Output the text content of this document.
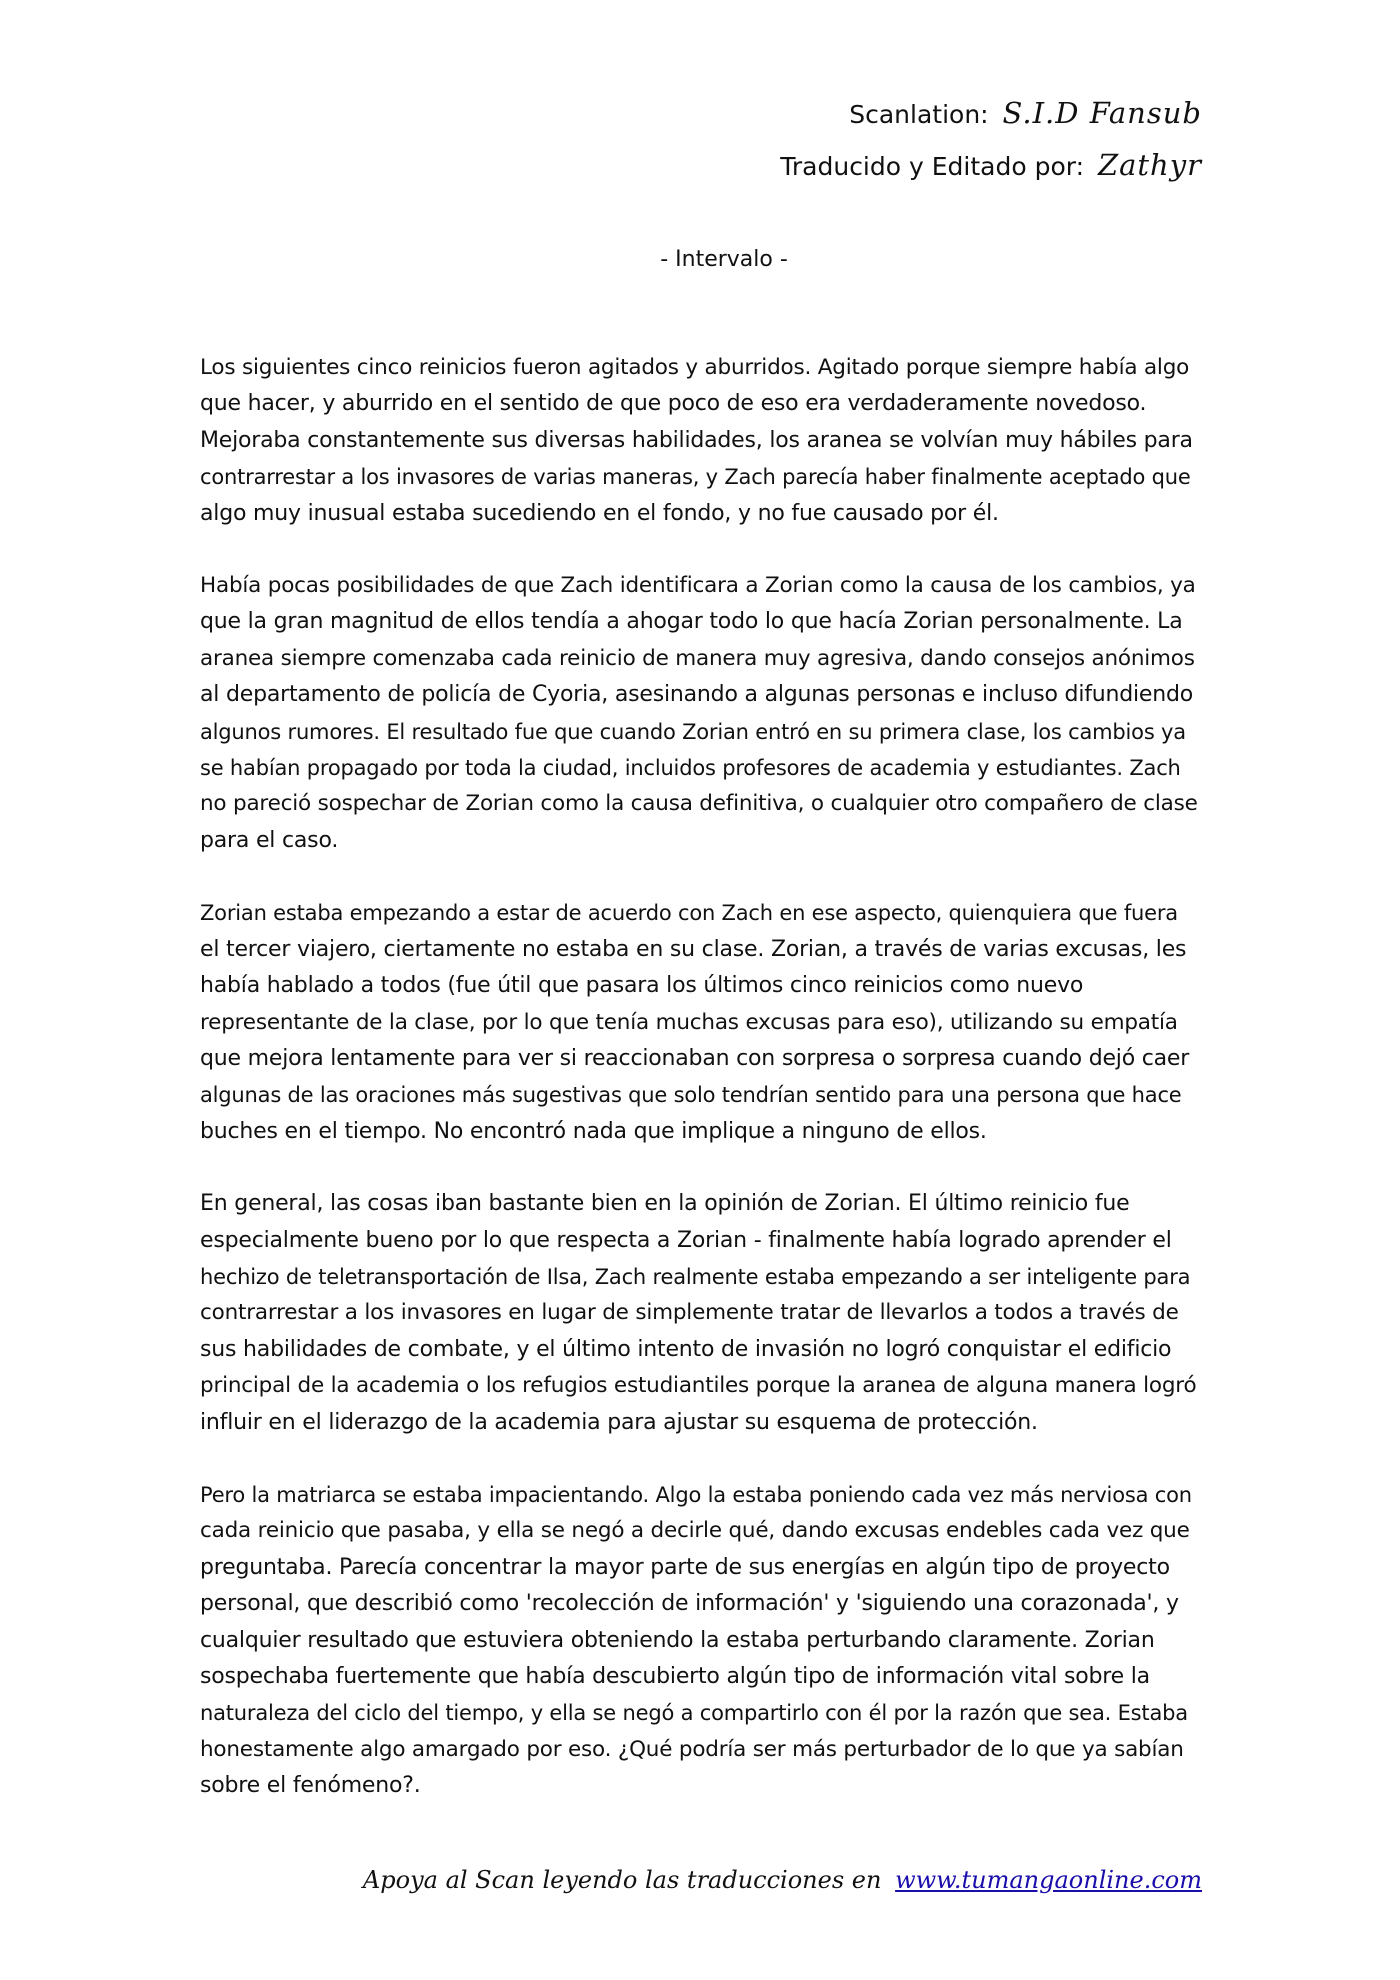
Scanlation: S.I.D Fansub
Traducido y Editado por: Zathyr
- Intervalo -

Los siguientes cinco reinicios fueron agitados y aburridos. Agitado porque siempre había algo
que hacer, y aburrido en el sentido de que poco de eso era verdaderamente novedoso.
Mejoraba constantemente sus diversas habilidades, los aranea se volvían muy hábiles para
contrarrestar a los invasores de varias maneras, y Zach parecía haber finalmente aceptado que
algo muy inusual estaba sucediendo en el fondo, y no fue causado por él.

Había pocas posibilidades de que Zach identificara a Zorian como la causa de los cambios, ya
que la gran magnitud de ellos tendía a ahogar todo lo que hacía Zorian personalmente. La
aranea siempre comenzaba cada reinicio de manera muy agresiva, dando consejos anónimos
al departamento de policía de Cyoria, asesinando a algunas personas e incluso difundiendo
algunos rumores. El resultado fue que cuando Zorian entró en su primera clase, los cambios ya
se habían propagado por toda la ciudad, incluidos profesores de academia y estudiantes. Zach
no pareció sospechar de Zorian como la causa definitiva, o cualquier otro compañero de clase
para el caso.

Zorian estaba empezando a estar de acuerdo con Zach en ese aspecto, quienquiera que fuera
el tercer viajero, ciertamente no estaba en su clase. Zorian, a través de varias excusas, les
había hablado a todos (fue útil que pasara los últimos cinco reinicios como nuevo
representante de la clase, por lo que tenía muchas excusas para eso), utilizando su empatía
que mejora lentamente para ver si reaccionaban con sorpresa o sorpresa cuando dejó caer
algunas de las oraciones más sugestivas que solo tendrían sentido para una persona que hace
buches en el tiempo. No encontró nada que implique a ninguno de ellos.

En general, las cosas iban bastante bien en la opinión de Zorian. El último reinicio fue
especialmente bueno por lo que respecta a Zorian - finalmente había logrado aprender el
hechizo de teletransportación de Ilsa, Zach realmente estaba empezando a ser inteligente para
contrarrestar a los invasores en lugar de simplemente tratar de llevarlos a todos a través de
sus habilidades de combate, y el último intento de invasión no logró conquistar el edificio
principal de la academia o los refugios estudiantiles porque la aranea de alguna manera logró
influir en el liderazgo de la academia para ajustar su esquema de protección.

Pero la matriarca se estaba impacientando. Algo la estaba poniendo cada vez más nerviosa con
cada reinicio que pasaba, y ella se negó a decirle qué, dando excusas endebles cada vez que
preguntaba. Parecía concentrar la mayor parte de sus energías en algún tipo de proyecto
personal, que describió como 'recolección de información' y 'siguiendo una corazonada', y
cualquier resultado que estuviera obteniendo la estaba perturbando claramente. Zorian
sospechaba fuertemente que había descubierto algún tipo de información vital sobre la
naturaleza del ciclo del tiempo, y ella se negó a compartirlo con él por la razón que sea. Estaba
honestamente algo amargado por eso. ¿Qué podría ser más perturbador de lo que ya sabían
sobre el fenómeno?.

Apoya al Scan leyendo las traducciones en www.tumangaonline.com
